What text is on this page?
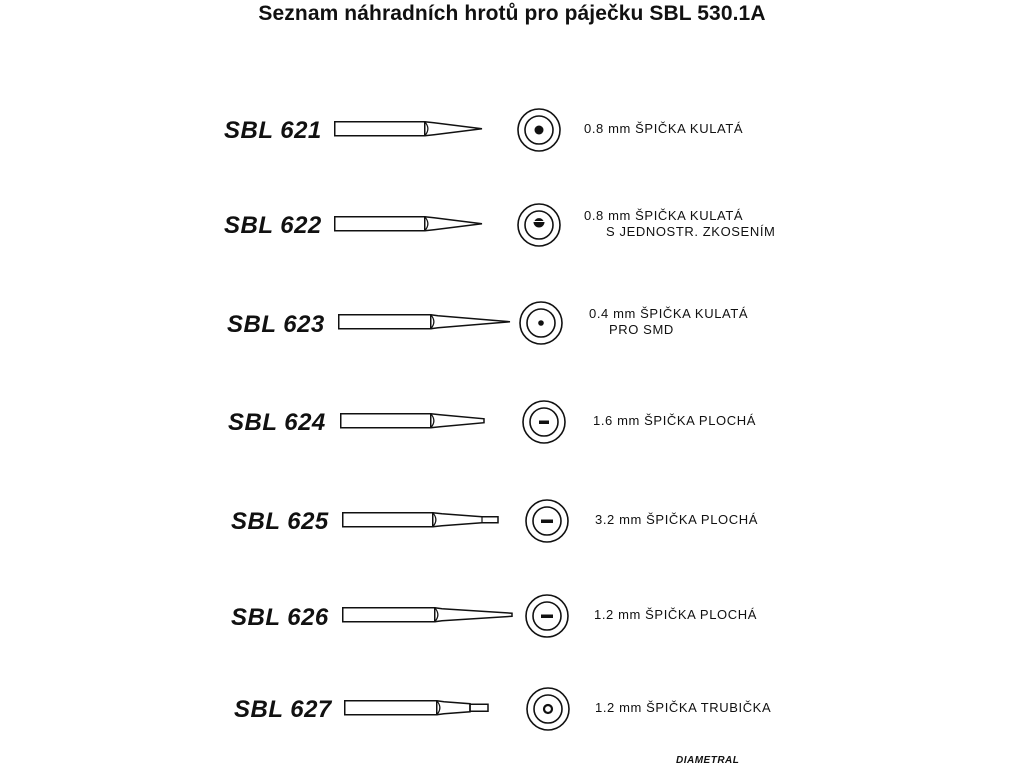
Seznam náhradních hrotů pro páječku SBL 530.1A
SBL 621	0.8 mm ŠPIČKA KULATÁ
SBL 622	0.8 mm ŠPIČKA KULATÁ
S JEDNOSTR. ZKOSENÍM
SBL 623	0.4 mm ŠPIČKA KULATÁ
PRO SMD
SBL 624	1.6 mm ŠPIČKA PLOCHÁ
SBL 625	3.2 mm ŠPIČKA PLOCHÁ
SBL 626	1.2 mm ŠPIČKA PLOCHÁ
SBL 627	1.2 mm ŠPIČKA TRUBIČKA
DIAMETRAL
